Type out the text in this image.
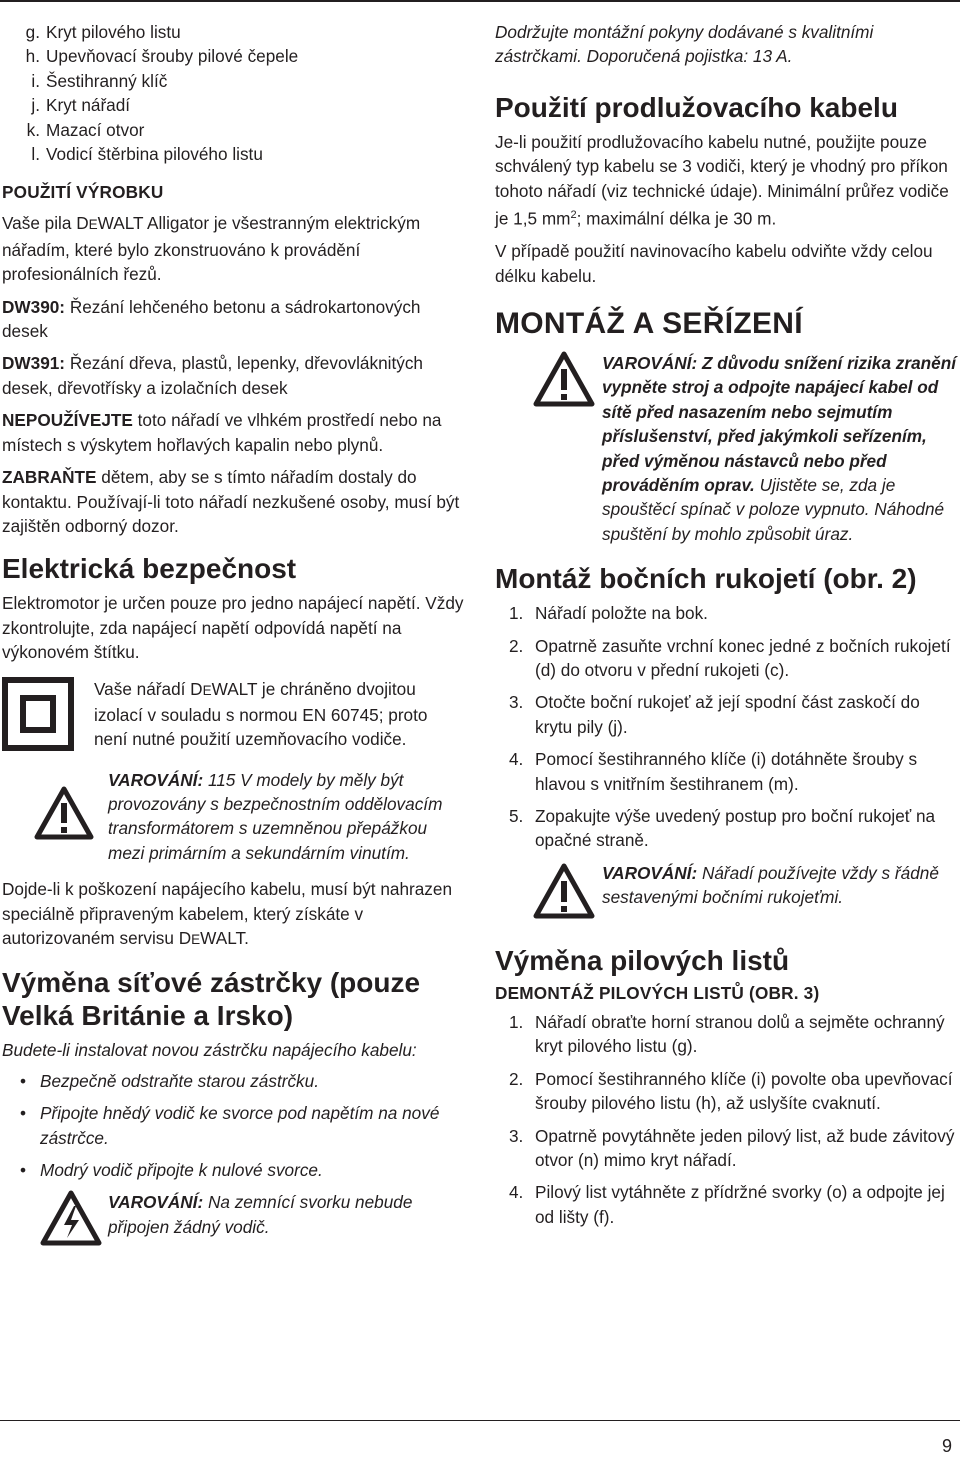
g. Kryt pilového listu
h. Upevňovací šrouby pilové čepele
i. Šestihranný klíč
j. Kryt nářadí
k. Mazací otvor
l. Vodicí štěrbina pilového listu
POUŽITÍ VÝROBKU

Vaše pila DEWALT Alligator je všestranným elektrickým nářadím, které bylo zkonstruováno k provádění profesionálních řezů.

DW390: Řezání lehčeného betonu a sádrokartonových desek

DW391: Řezání dřeva, plastů, lepenky, dřevovláknitých desek, dřevotřísky a izolačních desek

NEPOUŽÍVEJTE toto nářadí ve vlhkém prostředí nebo na místech s výskytem hořlavých kapalin nebo plynů.

ZABRAŇTE dětem, aby se s tímto nářadím dostaly do kontaktu. Používají-li toto nářadí nezkušené osoby, musí být zajištěn odborný dozor.

Elektrická bezpečnost

Elektromotor je určen pouze pro jedno napájecí napětí. Vždy zkontrolujte, zda napájecí napětí odpovídá napětí na výkonovém štítku.

Vaše nářadí DEWALT je chráněno dvojitou izolací v souladu s normou EN 60745; proto není nutné použití uzemňovacího vodiče.

VAROVÁNÍ: 115 V modely by měly být provozovány s bezpečnostním oddělovacím transformátorem s uzemněnou přepážkou mezi primárním a sekundárním vinutím.

Dojde-li k poškození napájecího kabelu, musí být nahrazen speciálně připraveným kabelem, který získáte v autorizovaném servisu DEWALT.

Výměna síťové zástrčky (pouze Velká Británie a Irsko)

Budete-li instalovat novou zástrčku napájecího kabelu:

• Bezpečně odstraňte starou zástrčku.
• Připojte hnědý vodič ke svorce pod napětím na nové zástrčce.
• Modrý vodič připojte k nulové svorce.

VAROVÁNÍ: Na zemnící svorku nebude připojen žádný vodič.

Dodržujte montážní pokyny dodávané s kvalitními zástrčkami. Doporučená pojistka: 13 A.

Použití prodlužovacího kabelu

Je-li použití prodlužovacího kabelu nutné, použijte pouze schválený typ kabelu se 3 vodiči, který je vhodný pro příkon tohoto nářadí (viz technické údaje). Minimální průřez vodiče je 1,5 $mm^2$; maximální délka je 30 m.

V případě použití navinovacího kabelu odviňte vždy celou délku kabelu.

MONTÁŽ A SEŘÍZENÍ

VAROVÁNÍ: Z důvodu snížení rizika zranění vypněte stroj a odpojte napájecí kabel od sítě před nasazením nebo sejmutím příslušenství, před jakýmkoli seřízením, před výměnou nástavců nebo před prováděním oprav. Ujistěte se, zda je spouštěcí spínač v poloze vypnuto. Náhodné spuštění by mohlo způsobit úraz.

Montáž bočních rukojetí (obr. 2)
1. Nářadí položte na bok.
2. Opatrně zasuňte vrchní konec jedné z bočních rukojetí (d) do otvoru v přední rukojeti (c).
3. Otočte boční rukojeť až její spodní část zaskočí do krytu pily (j).
4. Pomocí šestihranného klíče (i) dotáhněte šrouby s hlavou s vnitřním šestihranem (m).
5. Zopakujte výše uvedený postup pro boční rukojeť na opačné straně.

VAROVÁNÍ: Nářadí používejte vždy s řádně sestavenými bočními rukojeťmi.

Výměna pilových listů
DEMONTÁŽ PILOVÝCH LISTŮ (OBR. 3)
1. Nářadí obraťte horní stranou dolů a sejměte ochranný kryt pilového listu (g).
2. Pomocí šestihranného klíče (i) povolte oba upevňovací šrouby pilového listu (h), až uslyšíte cvaknutí.
3. Opatrně povytáhněte jeden pilový list, až bude závitový otvor (n) mimo kryt nářadí.
4. Pilový list vytáhněte z přídržné svorky (o) a odpojte jej od lišty (f).
9
